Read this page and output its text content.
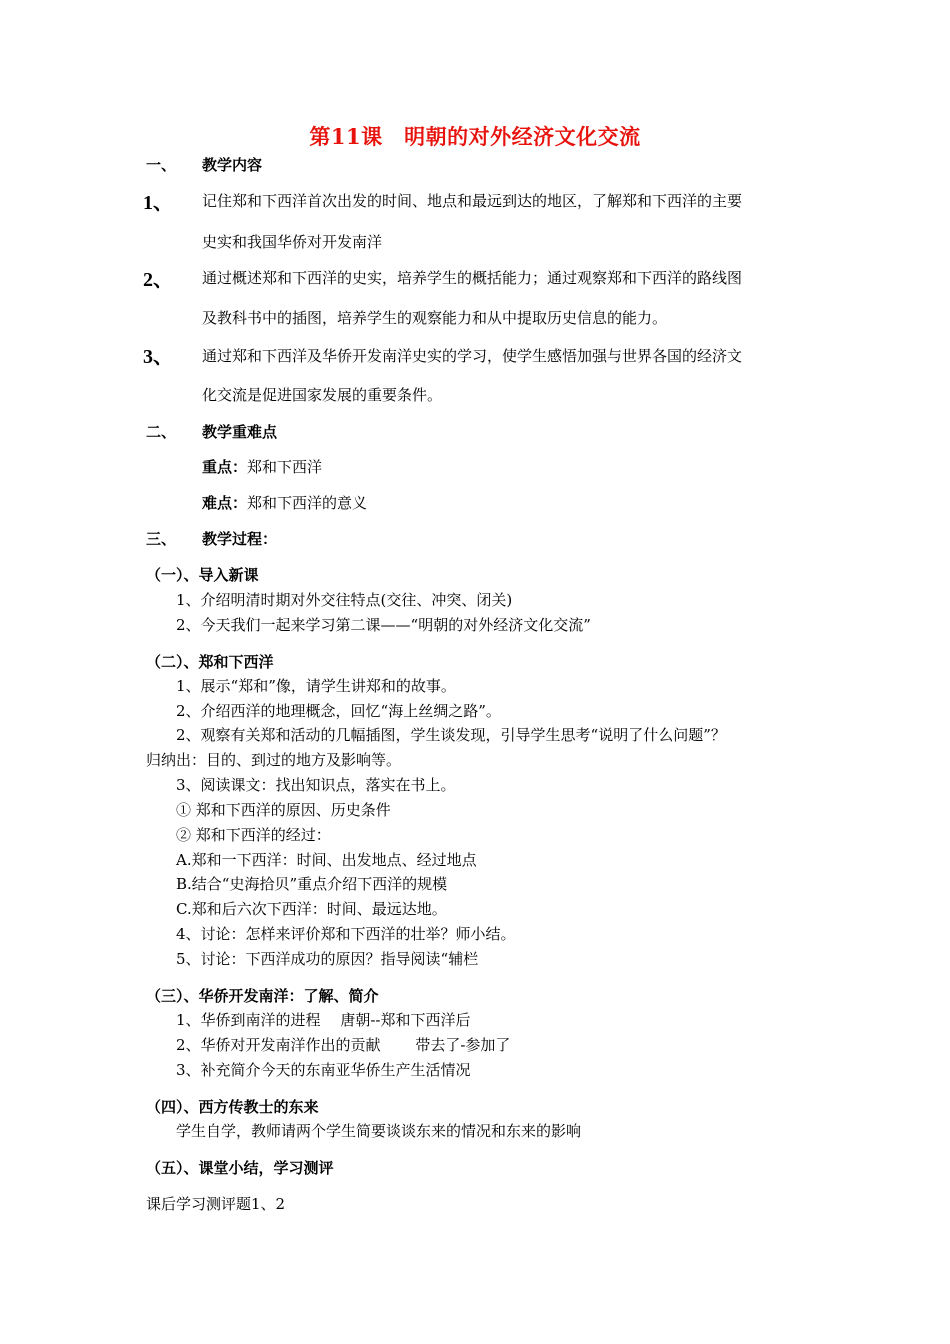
第11课　明朝的对外经济文化交流
一、 教学内容
1、 记住郑和下西洋首次出发的时间、地点和最远到达的地区，了解郑和下西洋的主要
史实和我国华侨对开发南洋
2、 通过概述郑和下西洋的史实，培养学生的概括能力；通过观察郑和下西洋的路线图
及教科书中的插图，培养学生的观察能力和从中提取历史信息的能力。
3、 通过郑和下西洋及华侨开发南洋史实的学习，使学生感悟加强与世界各国的经济文
化交流是促进国家发展的重要条件。
二、 教学重难点
重点：郑和下西洋
难点：郑和下西洋的意义
三、 教学过程：
（一）、导入新课
1、介绍明清时期对外交往特点(交往、冲突、闭关)
2、今天我们一起来学习第二课——“明朝的对外经济文化交流”
（二）、郑和下西洋
1、展示“郑和”像，请学生讲郑和的故事。
2、介绍西洋的地理概念，回忆“海上丝绸之路”。
2、观察有关郑和活动的几幅插图，学生谈发现，引导学生思考“说明了什么问题”？
归纳出：目的、到过的地方及影响等。
3、阅读课文：找出知识点，落实在书上。
① 郑和下西洋的原因、历史条件
② 郑和下西洋的经过：
A.郑和一下西洋：时间、出发地点、经过地点
B.结合“史海拾贝”重点介绍下西洋的规模
C.郑和后六次下西洋：时间、最远达地。
4、讨论：怎样来评价郑和下西洋的壮举？师小结。
5、讨论：下西洋成功的原因？指导阅读“辅栏
（三）、华侨开发南洋：了解、简介
1、华侨到南洋的进程　 唐朝--郑和下西洋后
2、华侨对开发南洋作出的贡献　　 带去了-参加了
3、补充简介今天的东南亚华侨生产生活情况
（四）、西方传教士的东来
学生自学，教师请两个学生简要谈谈东来的情况和东来的影响
（五）、课堂小结，学习测评
课后学习测评题1、2
